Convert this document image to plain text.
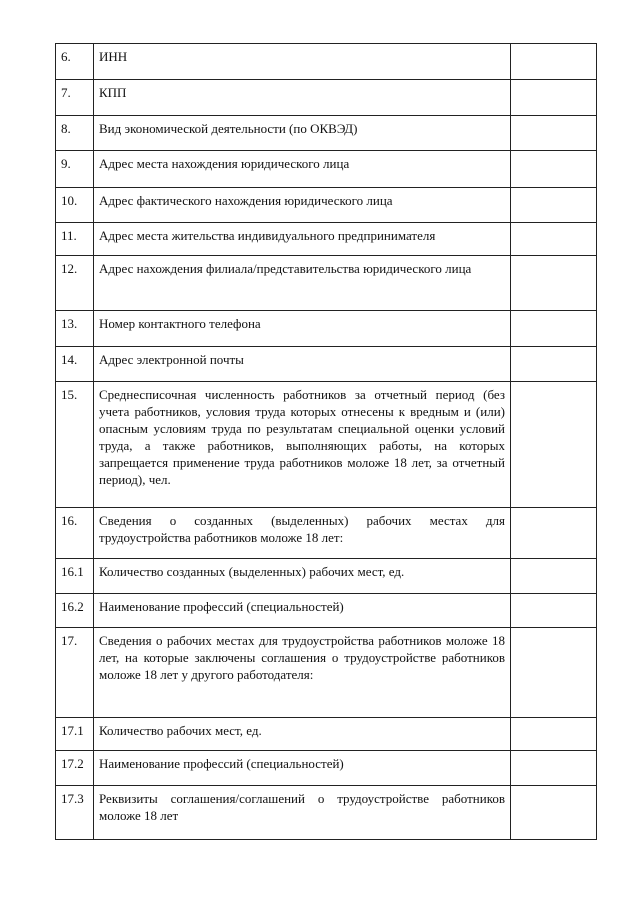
6.	ИНН	
7.	КПП	
8.	Вид экономической деятельности (по ОКВЭД)	
9.	Адрес места нахождения юридического лица	
10.	Адрес фактического нахождения юридического лица	
11.	Адрес места жительства индивидуального предпринимателя	
12.	Адрес нахождения филиала/представительства юридического лица	
13.	Номер контактного телефона	
14.	Адрес электронной почты	
15.	Среднесписочная численность работников за отчетный период (без учета работников, условия труда которых отнесены к вредным и (или) опасным условиям труда по результатам специальной оценки условий труда, а также работников, выполняющих работы, на которых запрещается применение труда работников моложе 18 лет, за отчетный период), чел.	
16.	Сведения о созданных (выделенных) рабочих местах для трудоустройства работников моложе 18 лет:	
16.1	Количество созданных (выделенных) рабочих мест, ед.	
16.2	Наименование профессий (специальностей)	
17.	Сведения о рабочих местах для трудоустройства работников моложе 18 лет, на которые заключены соглашения о трудоустройстве работников моложе 18 лет у другого работодателя:	
17.1	Количество рабочих мест, ед.	
17.2	Наименование профессий (специальностей)	
17.3	Реквизиты соглашения/соглашений о трудоустройстве работников моложе 18 лет	
